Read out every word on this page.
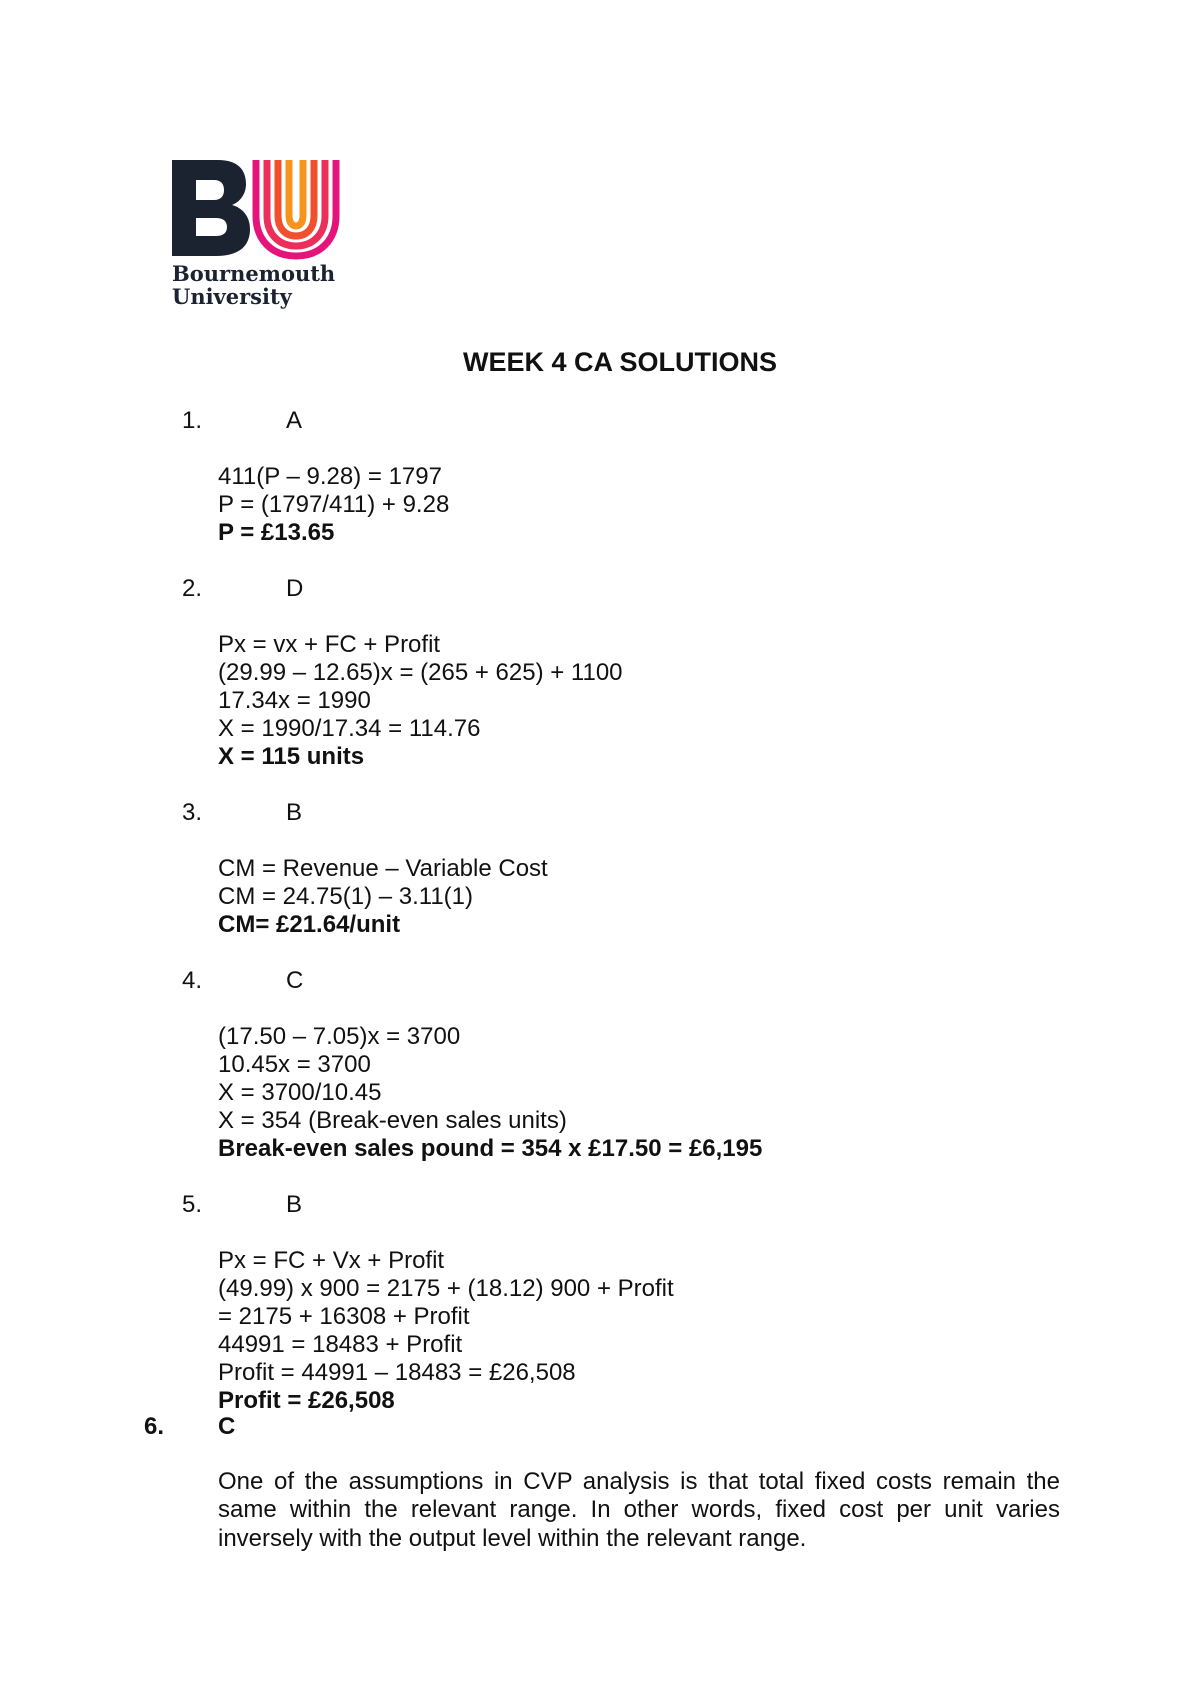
Bournemouth
University
WEEK 4 CA SOLUTIONS
1.	A
411(P – 9.28) = 1797
P = (1797/411) + 9.28
P = £13.65
2.	D
Px = vx + FC + Profit
(29.99 – 12.65)x = (265 + 625) + 1100
17.34x = 1990
X = 1990/17.34 = 114.76
X = 115 units
3.	B
CM = Revenue – Variable Cost
CM = 24.75(1) – 3.11(1)
CM= £21.64/unit
4.	C
(17.50 – 7.05)x = 3700
10.45x = 3700
X = 3700/10.45
X = 354 (Break-even sales units)
Break-even sales pound = 354 x £17.50 = £6,195
5.	B
Px = FC + Vx + Profit
(49.99) x 900 = 2175 + (18.12) 900 + Profit
= 2175 + 16308 + Profit
44991 = 18483 + Profit
Profit = 44991 – 18483 = £26,508
Profit = £26,508
6. C
One of the assumptions in CVP analysis is that total fixed costs remain the same within the relevant range. In other words, fixed cost per unit varies inversely with the output level within the relevant range.
